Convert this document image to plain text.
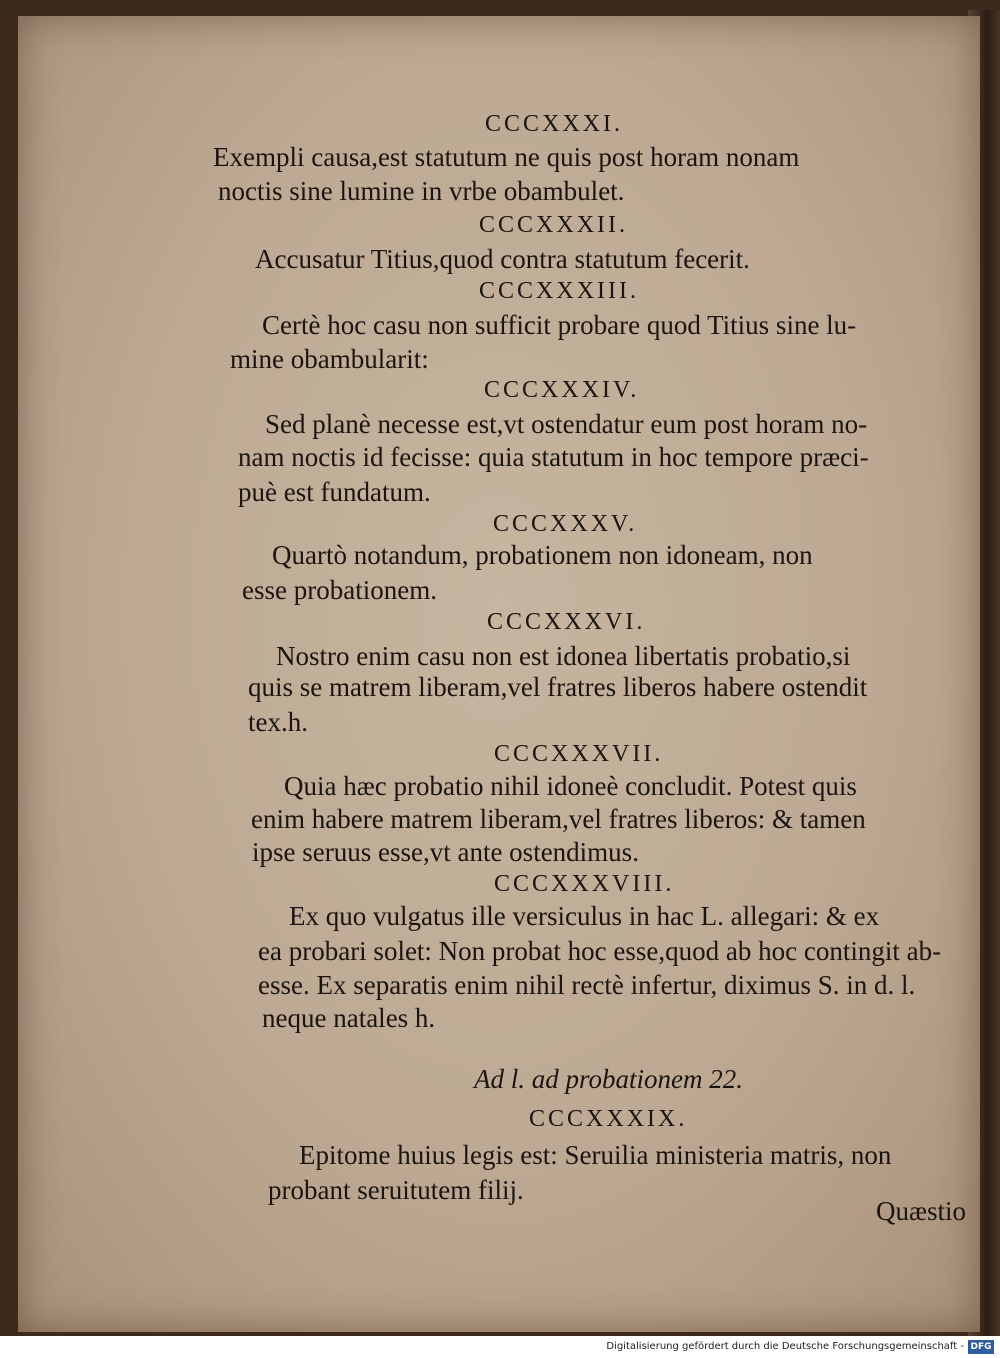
CCCXXXI.

Exempli causa,est statutum ne quis post horam nonam

noctis sine lumine in vrbe obambulet.

CCCXXXII.

Accusatur Titius,quod contra statutum fecerit.

CCCXXXIII.

Certè hoc casu non sufficit probare quod Titius sine lu-

mine obambularit:

CCCXXXIV.

Sed planè necesse est,vt ostendatur eum post horam no-

nam noctis id fecisse: quia statutum in hoc tempore præci-

puè est fundatum.

CCCXXXV.

Quartò notandum, probationem non idoneam, non

esse probationem.

CCCXXXVI.

Nostro enim casu non est idonea libertatis probatio,si

quis se matrem liberam,vel fratres liberos habere ostendit

tex.h.

CCCXXXVII.

Quia hæc probatio nihil idoneè concludit. Potest quis

enim habere matrem liberam,vel fratres liberos: & tamen

ipse seruus esse,vt ante ostendimus.

CCCXXXVIII.

Ex quo vulgatus ille versiculus in hac L. allegari: & ex

ea probari solet: Non probat hoc esse,quod ab hoc contingit ab-

esse. Ex separatis enim nihil rectè infertur, diximus S. in d. l.

neque natales h.

Ad l. ad probationem 22.

CCCXXXIX.

Epitome huius legis est: Seruilia ministeria matris, non

probant seruitutem filij.

Quæstio

Digitalisierung gefördert durch die Deutsche Forschungsgemeinschaft - DFG
